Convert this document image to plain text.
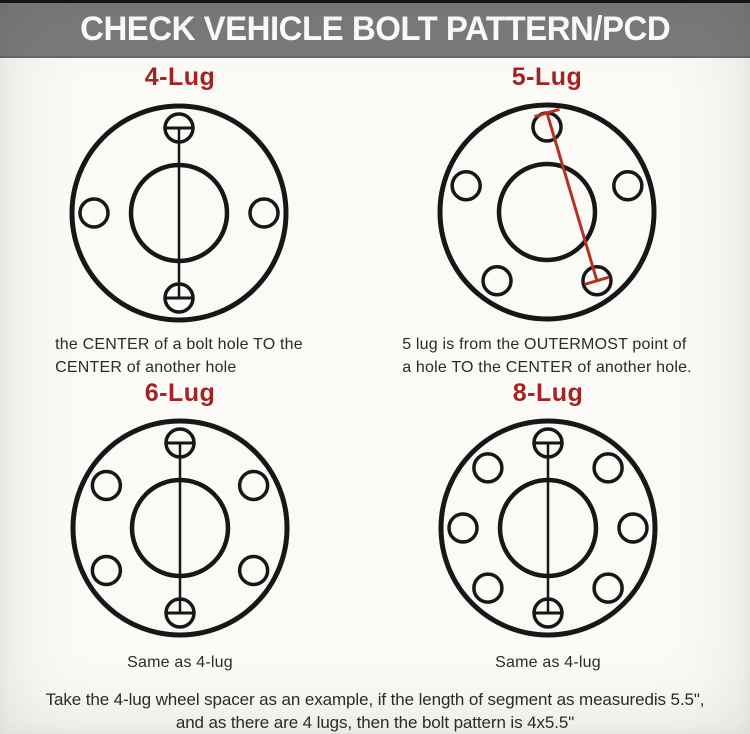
CHECK VEHICLE BOLT PATTERN/PCD
4-Lug	5-Lug
6-Lug	8-Lug
the CENTER of a bolt hole TO the
CENTER of another hole
5 lug is from the OUTERMOST point of
a hole TO the CENTER of another hole.
Same as 4-lug	Same as 4-lug
Take the 4-lug wheel spacer as an example, if the length of segment as measuredis 5.5",
and as there are 4 lugs, then the bolt pattern is 4x5.5"
